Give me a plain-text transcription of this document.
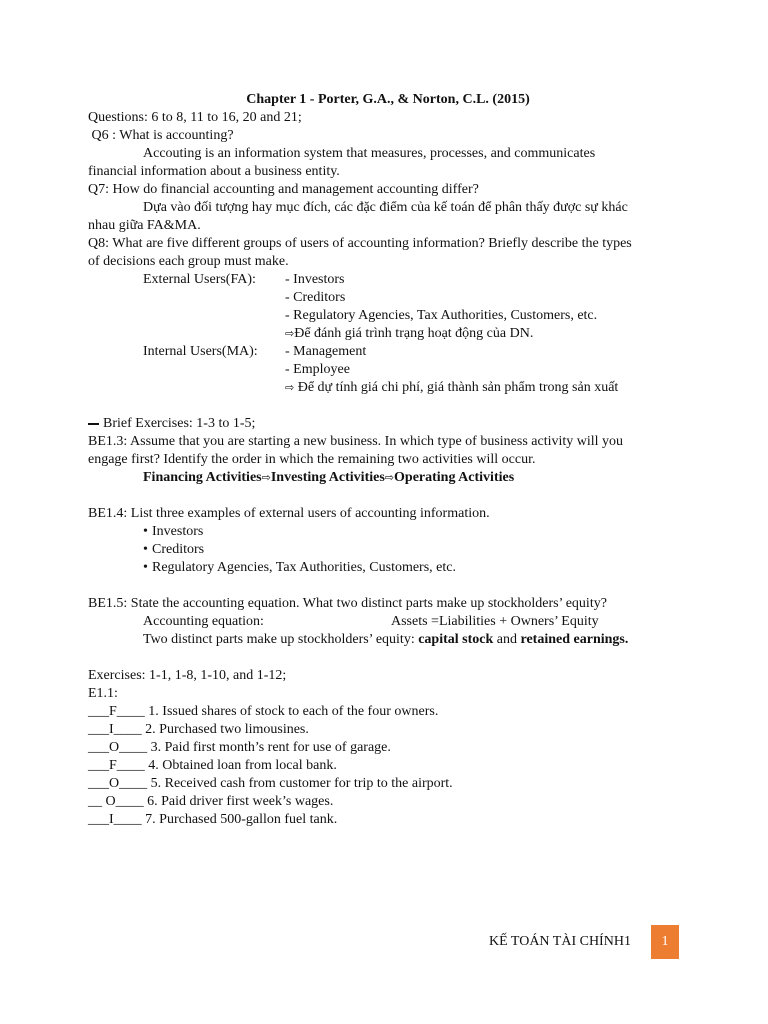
Chapter 1 - Porter, G.A., & Norton, C.L. (2015)
Questions: 6 to 8, 11 to 16, 20 and 21;
Q6 : What is accounting?
Accouting is an information system that measures, processes, and communicates
financial information about a business entity.
Q7: How do financial accounting and management accounting differ?
Dựa vào đối tượng hay mục đích, các đặc điểm của kế toán để phân thấy được sự khác
nhau giữa FA&MA.
Q8: What are five different groups of users of accounting information? Briefly describe the types
of decisions each group must make.
External Users(FA):	- Investors
- Creditors
- Regulatory Agencies, Tax Authorities, Customers, etc.
⇨Để đánh giá trình trạng hoạt động của DN.
Internal Users(MA):	- Management
- Employee
⇨ Để dự tính giá chi phí, giá thành sản phẩm trong sản xuất
Brief Exercises: 1-3 to 1-5;
BE1.3: Assume that you are starting a new business. In which type of business activity will you
engage first? Identify the order in which the remaining two activities will occur.
Financing Activities⇨Investing Activities⇨Operating Activities
BE1.4: List three examples of external users of accounting information.
• Investors
• Creditors
• Regulatory Agencies, Tax Authorities, Customers, etc.
BE1.5: State the accounting equation. What two distinct parts make up stockholders’ equity?
Accounting equation:	Assets =Liabilities + Owners’ Equity
Two distinct parts make up stockholders’ equity: capital stock and retained earnings.
Exercises: 1-1, 1-8, 1-10, and 1-12;
E1.1:
___F____ 1. Issued shares of stock to each of the four owners.
___I____ 2. Purchased two limousines.
___O____ 3. Paid first month’s rent for use of garage.
___F____ 4. Obtained loan from local bank.
___O____ 5. Received cash from customer for trip to the airport.
__ O____ 6. Paid driver first week’s wages.
___I____ 7. Purchased 500-gallon fuel tank.
KẾ TOÁN TÀI CHÍNH1	1
